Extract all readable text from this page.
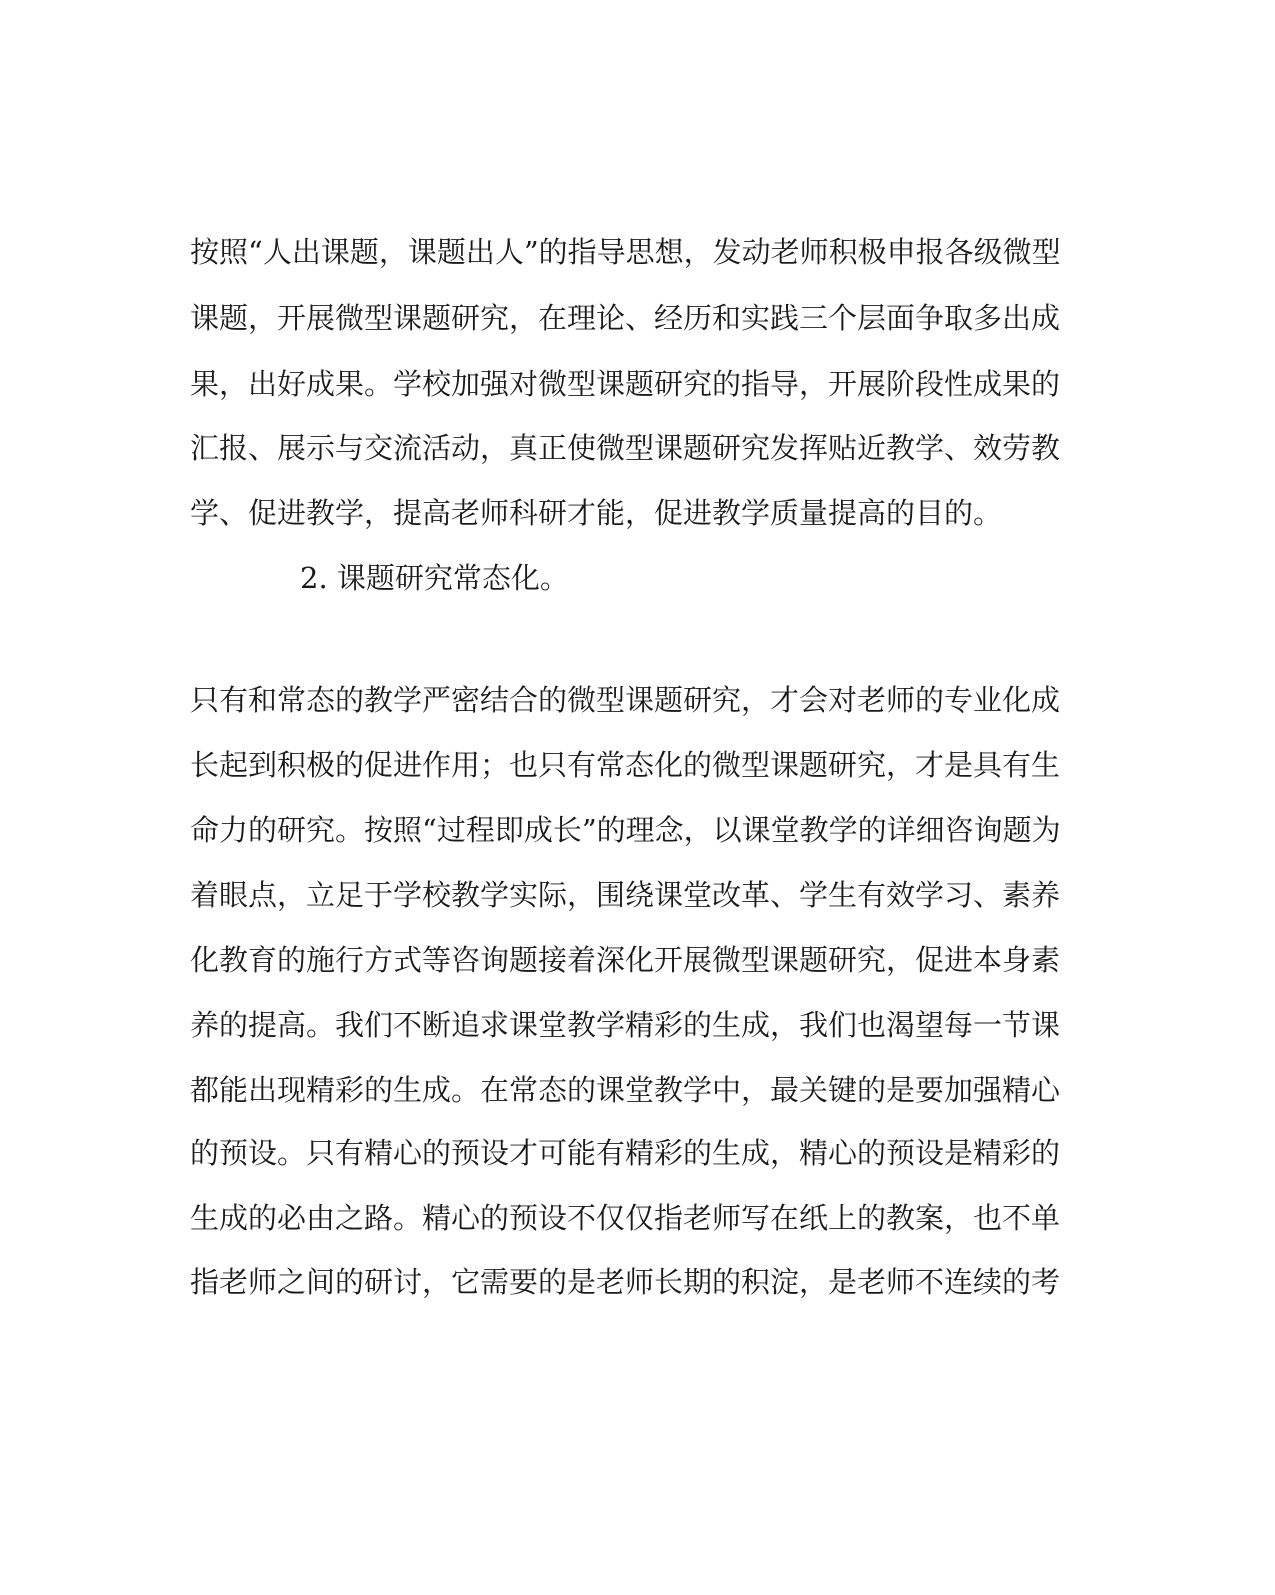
按照“人出课题，课题出人”的指导思想，发动老师积极申报各级微型

课题，开展微型课题研究，在理论、经历和实践三个层面争取多出成

果，出好成果。学校加强对微型课题研究的指导，开展阶段性成果的

汇报、展示与交流活动，真正使微型课题研究发挥贴近教学、效劳教

学、促进教学，提高老师科研才能，促进教学质量提高的目的。

2. 课题研究常态化。

只有和常态的教学严密结合的微型课题研究，才会对老师的专业化成

长起到积极的促进作用；也只有常态化的微型课题研究，才是具有生

命力的研究。按照“过程即成长”的理念，以课堂教学的详细咨询题为

着眼点，立足于学校教学实际，围绕课堂改革、学生有效学习、素养

化教育的施行方式等咨询题接着深化开展微型课题研究，促进本身素

养的提高。我们不断追求课堂教学精彩的生成，我们也渴望每一节课

都能出现精彩的生成。在常态的课堂教学中，最关键的是要加强精心

的预设。只有精心的预设才可能有精彩的生成，精心的预设是精彩的

生成的必由之路。精心的预设不仅仅指老师写在纸上的教案，也不单

指老师之间的研讨，它需要的是老师长期的积淀，是老师不连续的考
